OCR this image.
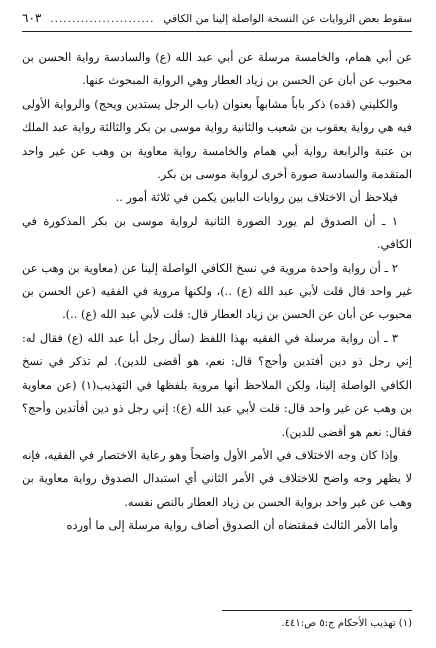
سقوط بعض الروايات عن النسخة الواصلة إلينا من الكافي
........................
٦٠٣

عن أبي همام، والخامسة مرسلة عن أبي عبد الله (ع) والسادسة رواية الحسن بن محبوب عن أبان عن الحسن بن زياد العطار وهي الرواية المبحوث عنها.

والكليني (قده) ذكر باباً مشابهاً بعنوان (باب الرجل يستدين ويحج) والرواية الأولى فيه هي رواية يعقوب بن شعيب والثانية رواية موسى بن بكر والثالثة رواية عبد الملك بن عتبة والرابعة رواية أبي همام والخامسة رواية معاوية بن وهب عن غير واحد المتقدمة والسادسة صورة أخرى لرواية موسى بن بكر.

فيلاحظ أن الاختلاف بين روايات البابين يكمن في ثلاثة أمور ..

١ ـ أن الصدوق لم يورد الصورة الثانية لرواية موسى بن بكر المذكورة في الكافي.

٢ ـ أن رواية واحدة مروية في نسخ الكافي الواصلة إلينا عن (معاوية بن وهب عن غير واحد قال قلت لأبي عبد الله (ع) ..)، ولكنها مروية في الفقيه (عن الحسن بن محبوب عن أبان عن الحسن بن زياد العطار قال: قلت لأبي عبد الله (ع) ..).

٣ ـ أن رواية مرسلة في الفقيه بهذا اللفظ (سأل رجل أبا عبد الله (ع) فقال له: إني رجل ذو دين أفتدين وأحج؟ قال: نعم، هو أقضى للدين). لم تذكر في نسخ الكافي الواصلة إلينا، ولكن الملاحظ أنها مروية بلفظها في التهذيب(١) (عن معاوية بن وهب عن غير واحد قال: قلت لأبي عبد الله (ع): إني رجل ذو دين أفأتدين وأحج؟ فقال: نعم هو أقضى للدين).

وإذا كان وجه الاختلاف في الأمر الأول واضحاً وهو رعاية الاختصار في الفقيه، فإنه لا يظهر وجه واضح للاختلاف في الأمر الثاني أي استبدال الصدوق رواية معاوية بن وهب عن غير واحد برواية الحسن بن زياد العطار بالنص نفسه.

وأما الأمر الثالث فمقتضاه أن الصدوق أضاف رواية مرسلة إلى ما أورده

(١) تهذيب الأحكام ج:٥ ص:٤٤١.
